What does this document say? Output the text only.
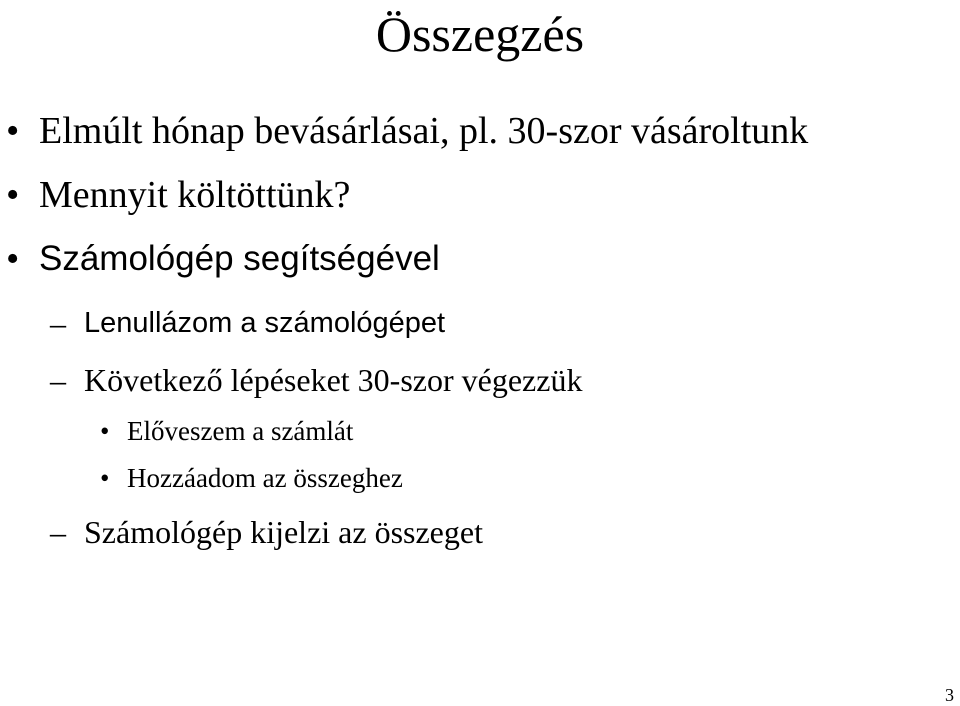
Összegzés
• Elmúlt hónap bevásárlásai, pl. 30-szor vásároltunk
• Mennyit költöttünk?
• Számológép segítségével
– Lenullázom a számológépet
– Következő lépéseket 30-szor végezzük
• Előveszem a számlát
• Hozzáadom az összeghez
– Számológép kijelzi az összeget
3
